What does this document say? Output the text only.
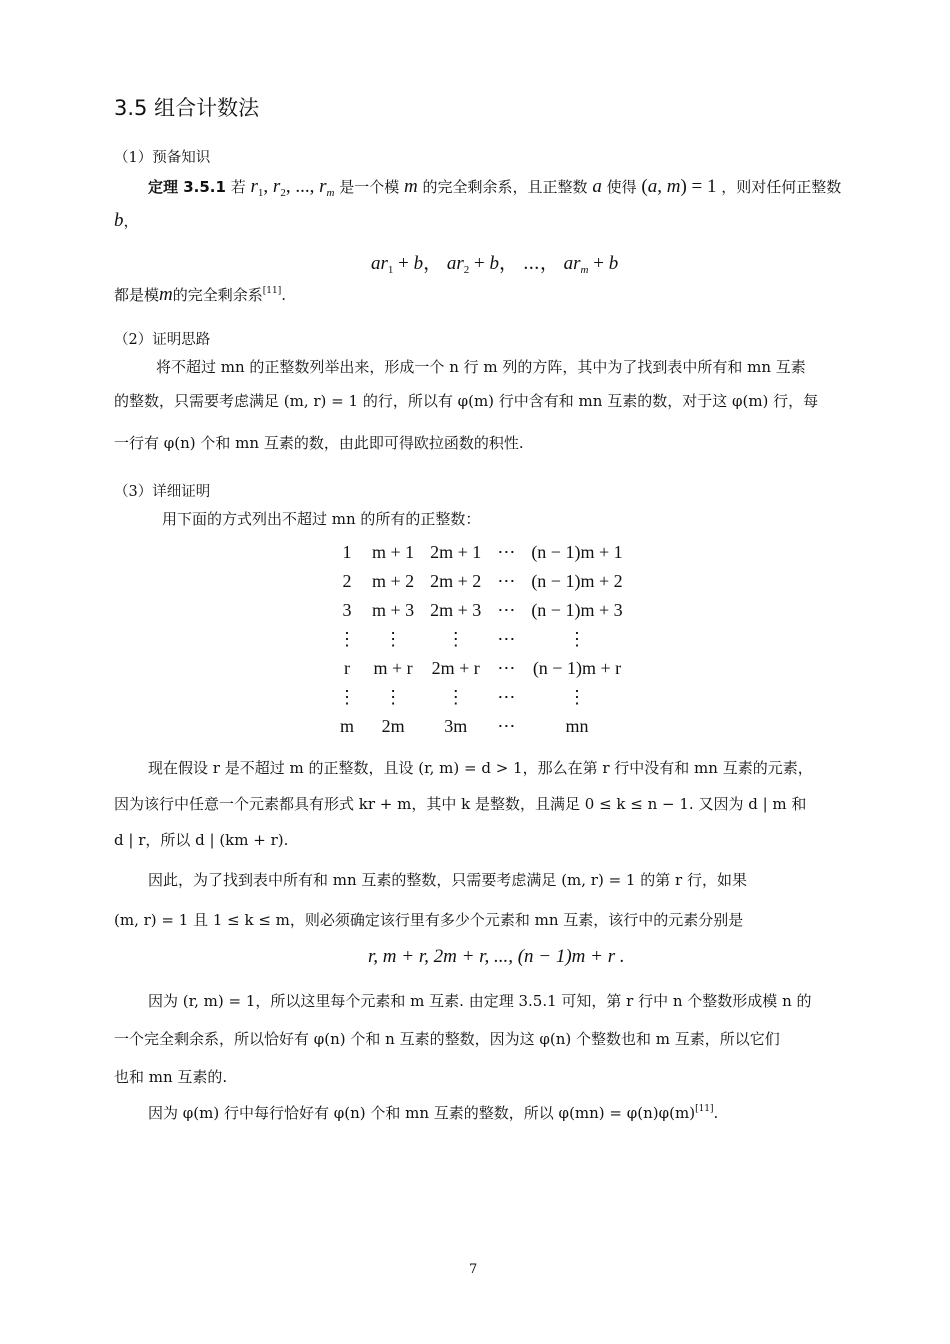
3.5 组合计数法
（1）预备知识
定理 3.5.1 若 $r_1$, $r_2$, ..., $r_m$ 是一个模 m 的完全剩余系，且正整数 a 使得 (a, m) = 1 ，则对任何正整数
b，
$ar_1 + b$， $ar_2 + b$， ⋯， $ar_m + b$
都是模m的完全剩余系[11].
（2）证明思路
将不超过 mn 的正整数列举出来，形成一个 n 行 m 列的方阵，其中为了找到表中所有和 mn 互素
的整数，只需要考虑满足 (m, r) = 1 的行，所以有 φ(m) 行中含有和 mn 互素的数，对于这 φ(m) 行，每
一行有 φ(n) 个和 mn 互素的数，由此即可得欧拉函数的积性.
（3）详细证明
用下面的方式列出不超过 mn 的所有的正整数：
1	m + 1	2m + 1	⋯	(n − 1)m + 1
2	m + 2	2m + 2	⋯	(n − 1)m + 2
3	m + 3	2m + 3	⋯	(n − 1)m + 3
⋮	⋮	⋮	⋯	⋮
r	m + r	2m + r	⋯	(n − 1)m + r
⋮	⋮	⋮	⋯	⋮
m	2m	3m	⋯	mn
现在假设 r 是不超过 m 的正整数，且设 (r, m) = d > 1，那么在第 r 行中没有和 mn 互素的元素，
因为该行中任意一个元素都具有形式 kr + m，其中 k 是整数，且满足 0 ≤ k ≤ n − 1. 又因为 d | m 和
d | r，所以 d | (km + r).
因此，为了找到表中所有和 mn 互素的整数，只需要考虑满足 (m, r) = 1 的第 r 行，如果
(m, r) = 1 且 1 ≤ k ≤ m，则必须确定该行里有多少个元素和 mn 互素，该行中的元素分别是
r, m + r, 2m + r, ..., (n − 1)m + r .
因为 (r, m) = 1，所以这里每个元素和 m 互素. 由定理 3.5.1 可知，第 r 行中 n 个整数形成模 n 的
一个完全剩余系，所以恰好有 φ(n) 个和 n 互素的整数，因为这 φ(n) 个整数也和 m 互素，所以它们
也和 mn 互素的.
因为 φ(m) 行中每行恰好有 φ(n) 个和 mn 互素的整数，所以 φ(mn) = φ(n)φ(m)[11].
7
